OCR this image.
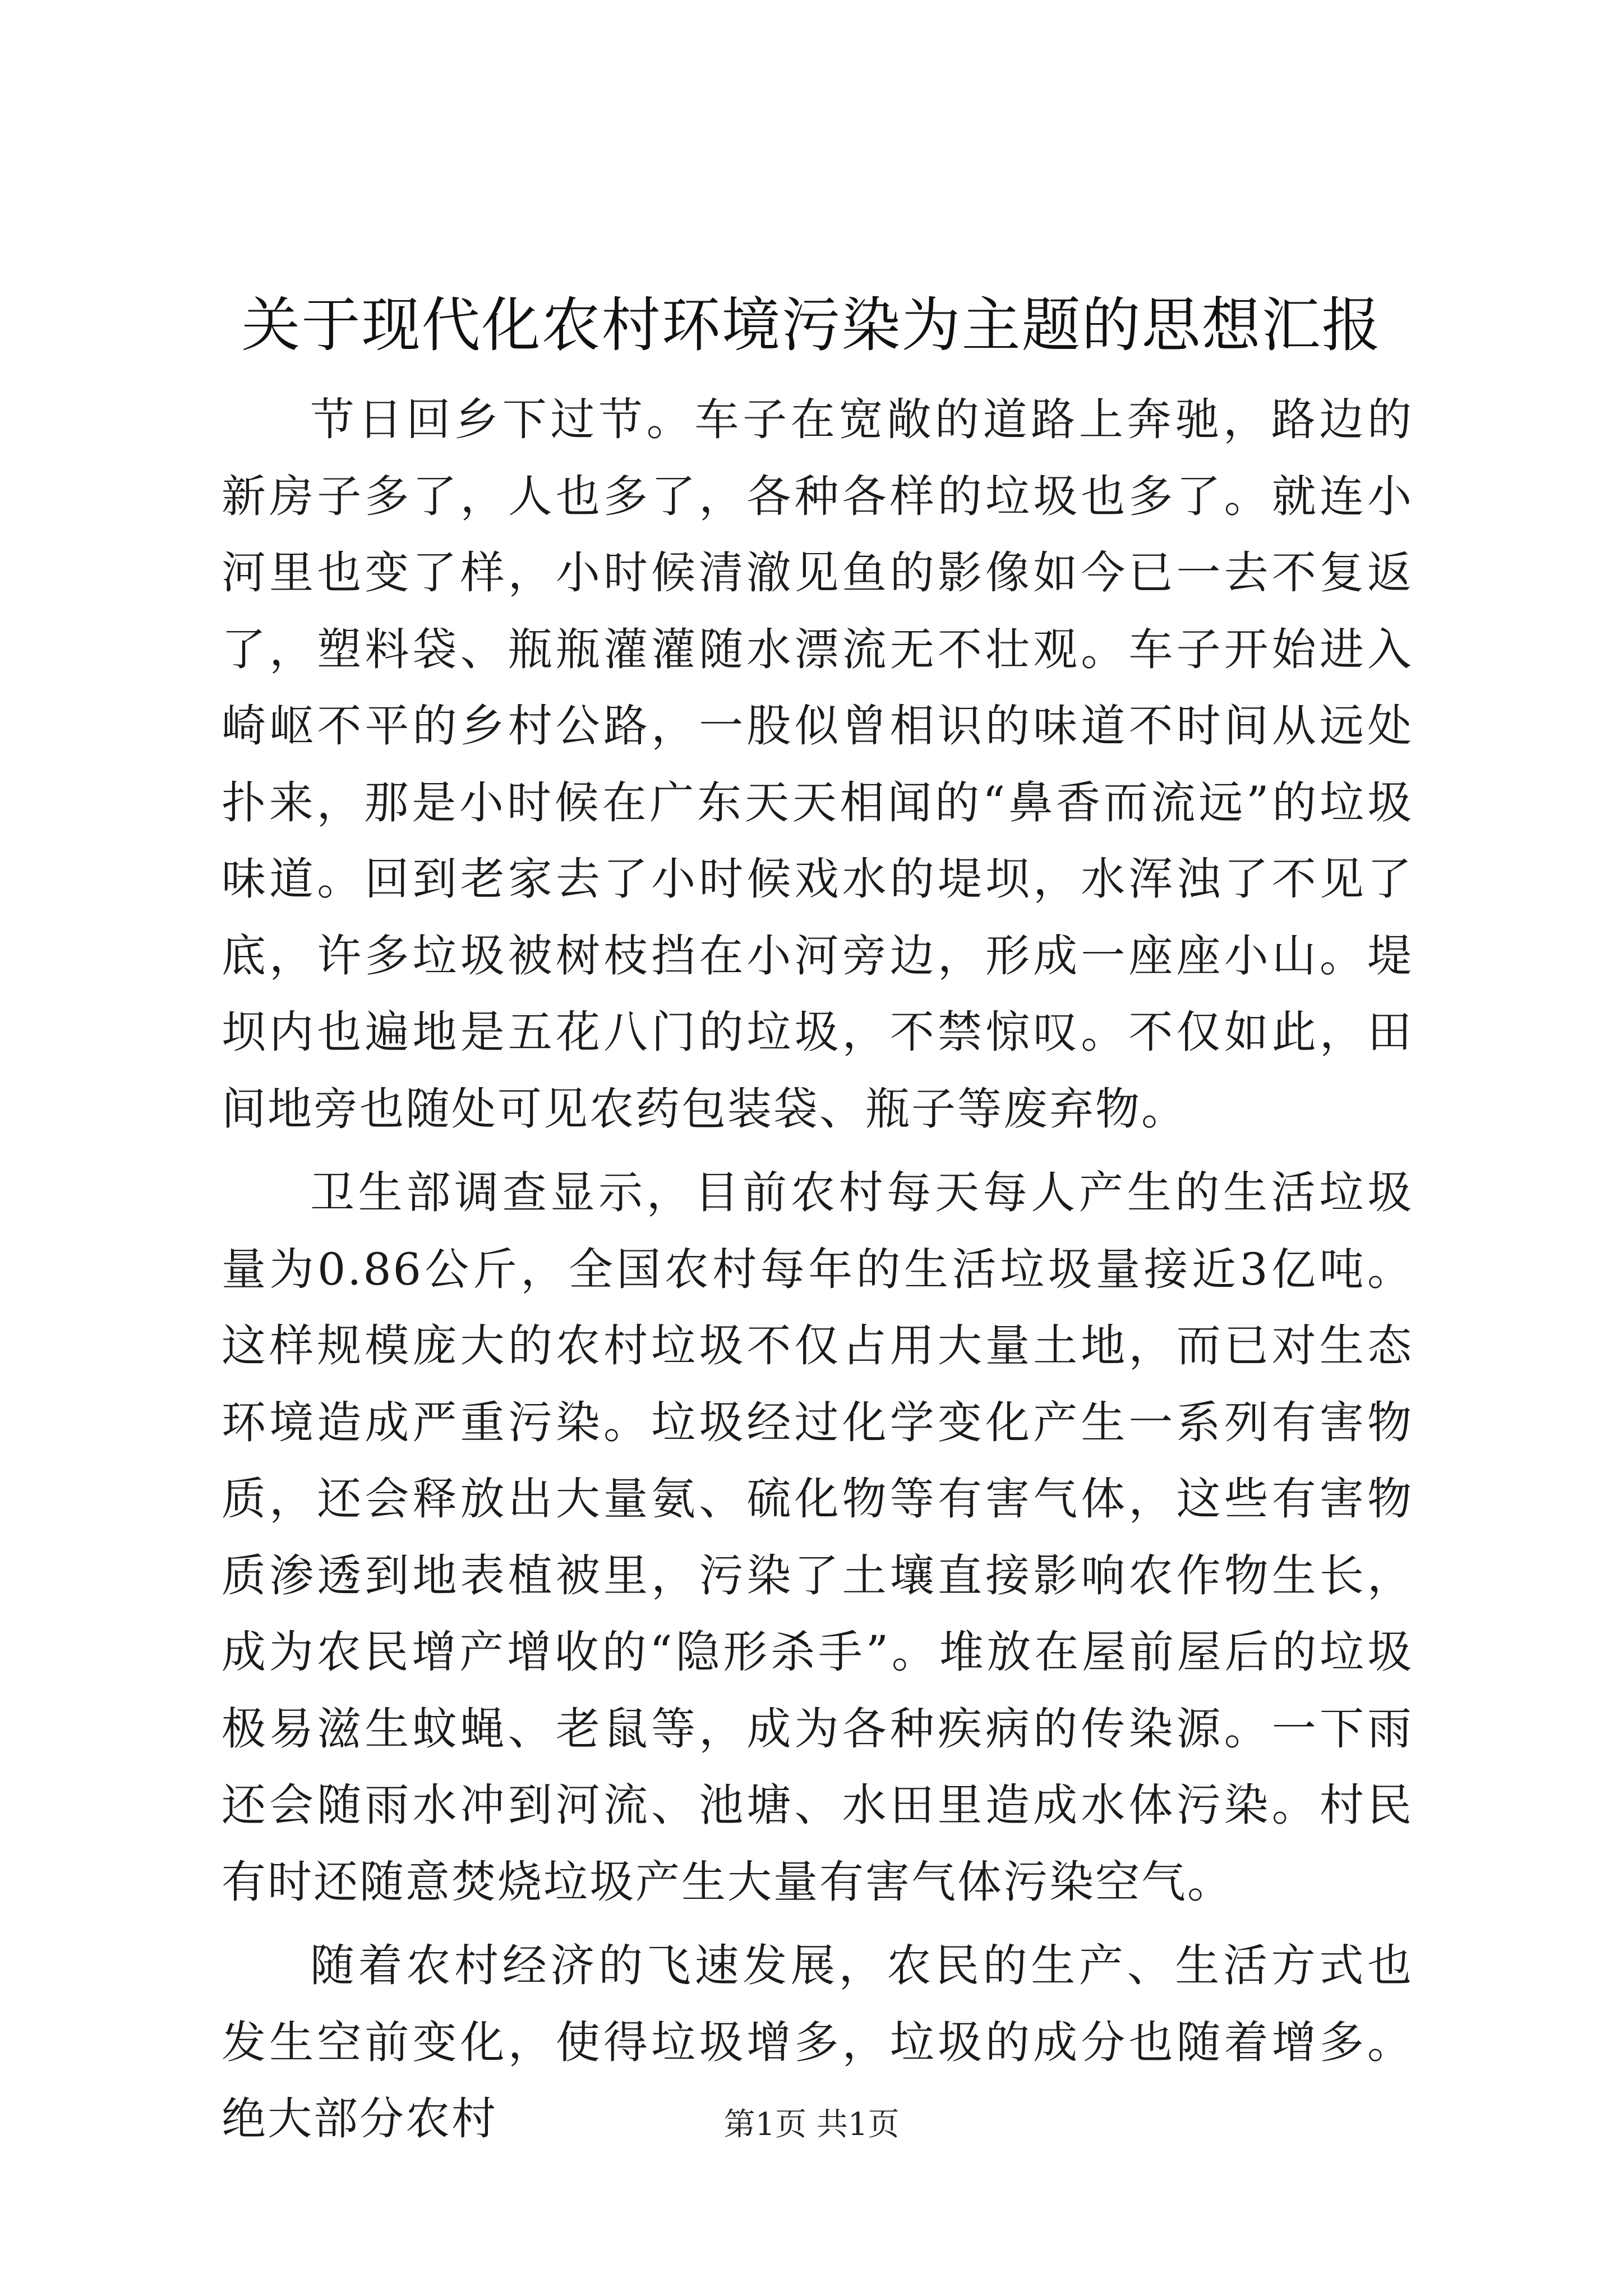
关于现代化农村环境污染为主题的思想汇报

节日回乡下过节。车子在宽敞的道路上奔驰，路边的新房子多了，人也多了，各种各样的垃圾也多了。就连小河里也变了样，小时候清澈见鱼的影像如今已一去不复返了，塑料袋、瓶瓶灌灌随水漂流无不壮观。车子开始进入崎岖不平的乡村公路，一股似曾相识的味道不时间从远处扑来，那是小时候在广东天天相闻的“鼻香而流远”的垃圾味道。回到老家去了小时候戏水的堤坝，水浑浊了不见了底，许多垃圾被树枝挡在小河旁边，形成一座座小山。堤坝内也遍地是五花八门的垃圾，不禁惊叹。不仅如此，田间地旁也随处可见农药包装袋、瓶子等废弃物。

卫生部调查显示，目前农村每天每人产生的生活垃圾量为0.86公斤，全国农村每年的生活垃圾量接近3亿吨。这样规模庞大的农村垃圾不仅占用大量土地，而已对生态环境造成严重污染。垃圾经过化学变化产生一系列有害物质，还会释放出大量氨、硫化物等有害气体，这些有害物质渗透到地表植被里，污染了土壤直接影响农作物生长，成为农民增产增收的“隐形杀手”。堆放在屋前屋后的垃圾极易滋生蚊蝇、老鼠等，成为各种疾病的传染源。一下雨还会随雨水冲到河流、池塘、水田里造成水体污染。村民有时还随意焚烧垃圾产生大量有害气体污染空气。

随着农村经济的飞速发展，农民的生产、生活方式也发生空前变化，使得垃圾增多，垃圾的成分也随着增多。绝大部分农村	第1页 共1页
